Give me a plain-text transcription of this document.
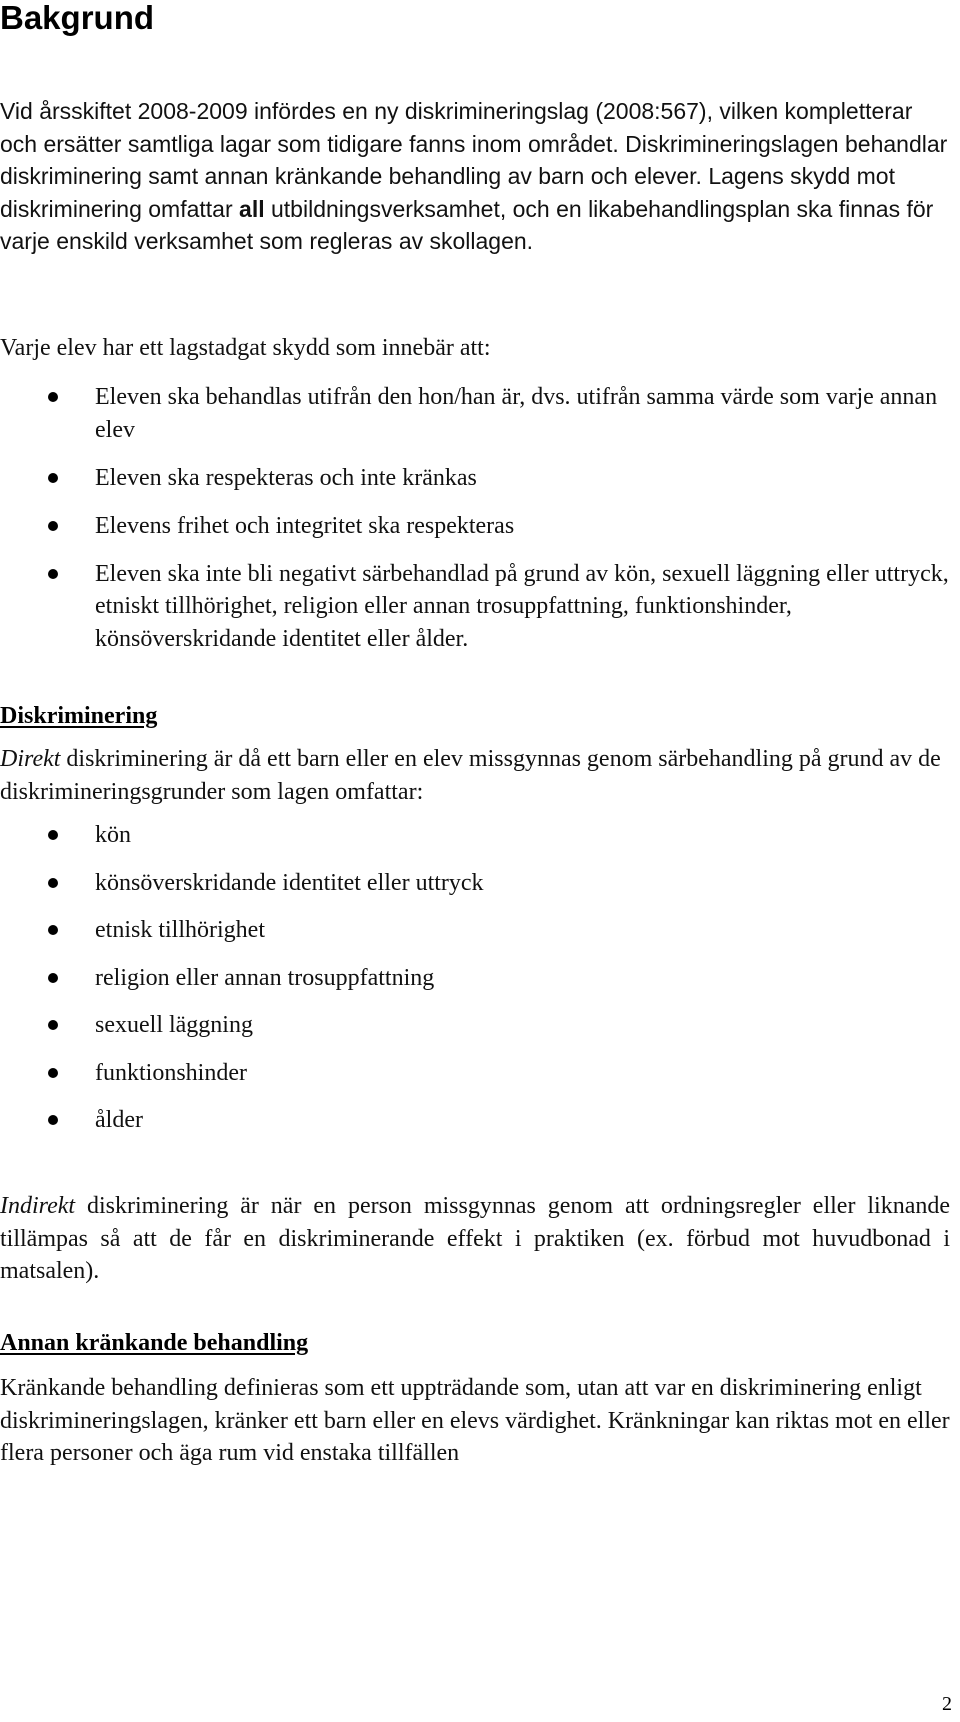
Bakgrund

Vid årsskiftet 2008-2009 infördes en ny diskrimineringslag (2008:567), vilken kompletterar och ersätter samtliga lagar som tidigare fanns inom området. Diskrimineringslagen behandlar diskriminering samt annan kränkande behandling av barn och elever. Lagens skydd mot diskriminering omfattar all utbildningsverksamhet, och en likabehandlingsplan ska finnas för varje enskild verksamhet som regleras av skollagen.

Varje elev har ett lagstadgat skydd som innebär att:

Eleven ska behandlas utifrån den hon/han är, dvs. utifrån samma värde som varje annan elev
Eleven ska respekteras och inte kränkas
Elevens frihet och integritet ska respekteras
Eleven ska inte bli negativt särbehandlad på grund av kön, sexuell läggning eller uttryck, etniskt tillhörighet, religion eller annan trosuppfattning, funktionshinder, könsöverskridande identitet eller ålder.
Diskriminering

Direkt diskriminering är då ett barn eller en elev missgynnas genom särbehandling på grund av de diskrimineringsgrunder som lagen omfattar:

kön
könsöverskridande identitet eller uttryck
etnisk tillhörighet
religion eller annan trosuppfattning
sexuell läggning
funktionshinder
ålder

Indirekt diskriminering är när en person missgynnas genom att ordningsregler eller liknande tillämpas så att de får en diskriminerande effekt i praktiken (ex. förbud mot huvudbonad i matsalen).

Annan kränkande behandling

Kränkande behandling definieras som ett uppträdande som, utan att var en diskriminering enligt diskrimineringslagen, kränker ett barn eller en elevs värdighet. Kränkningar kan riktas mot en eller flera personer och äga rum vid enstaka tillfällen

2
